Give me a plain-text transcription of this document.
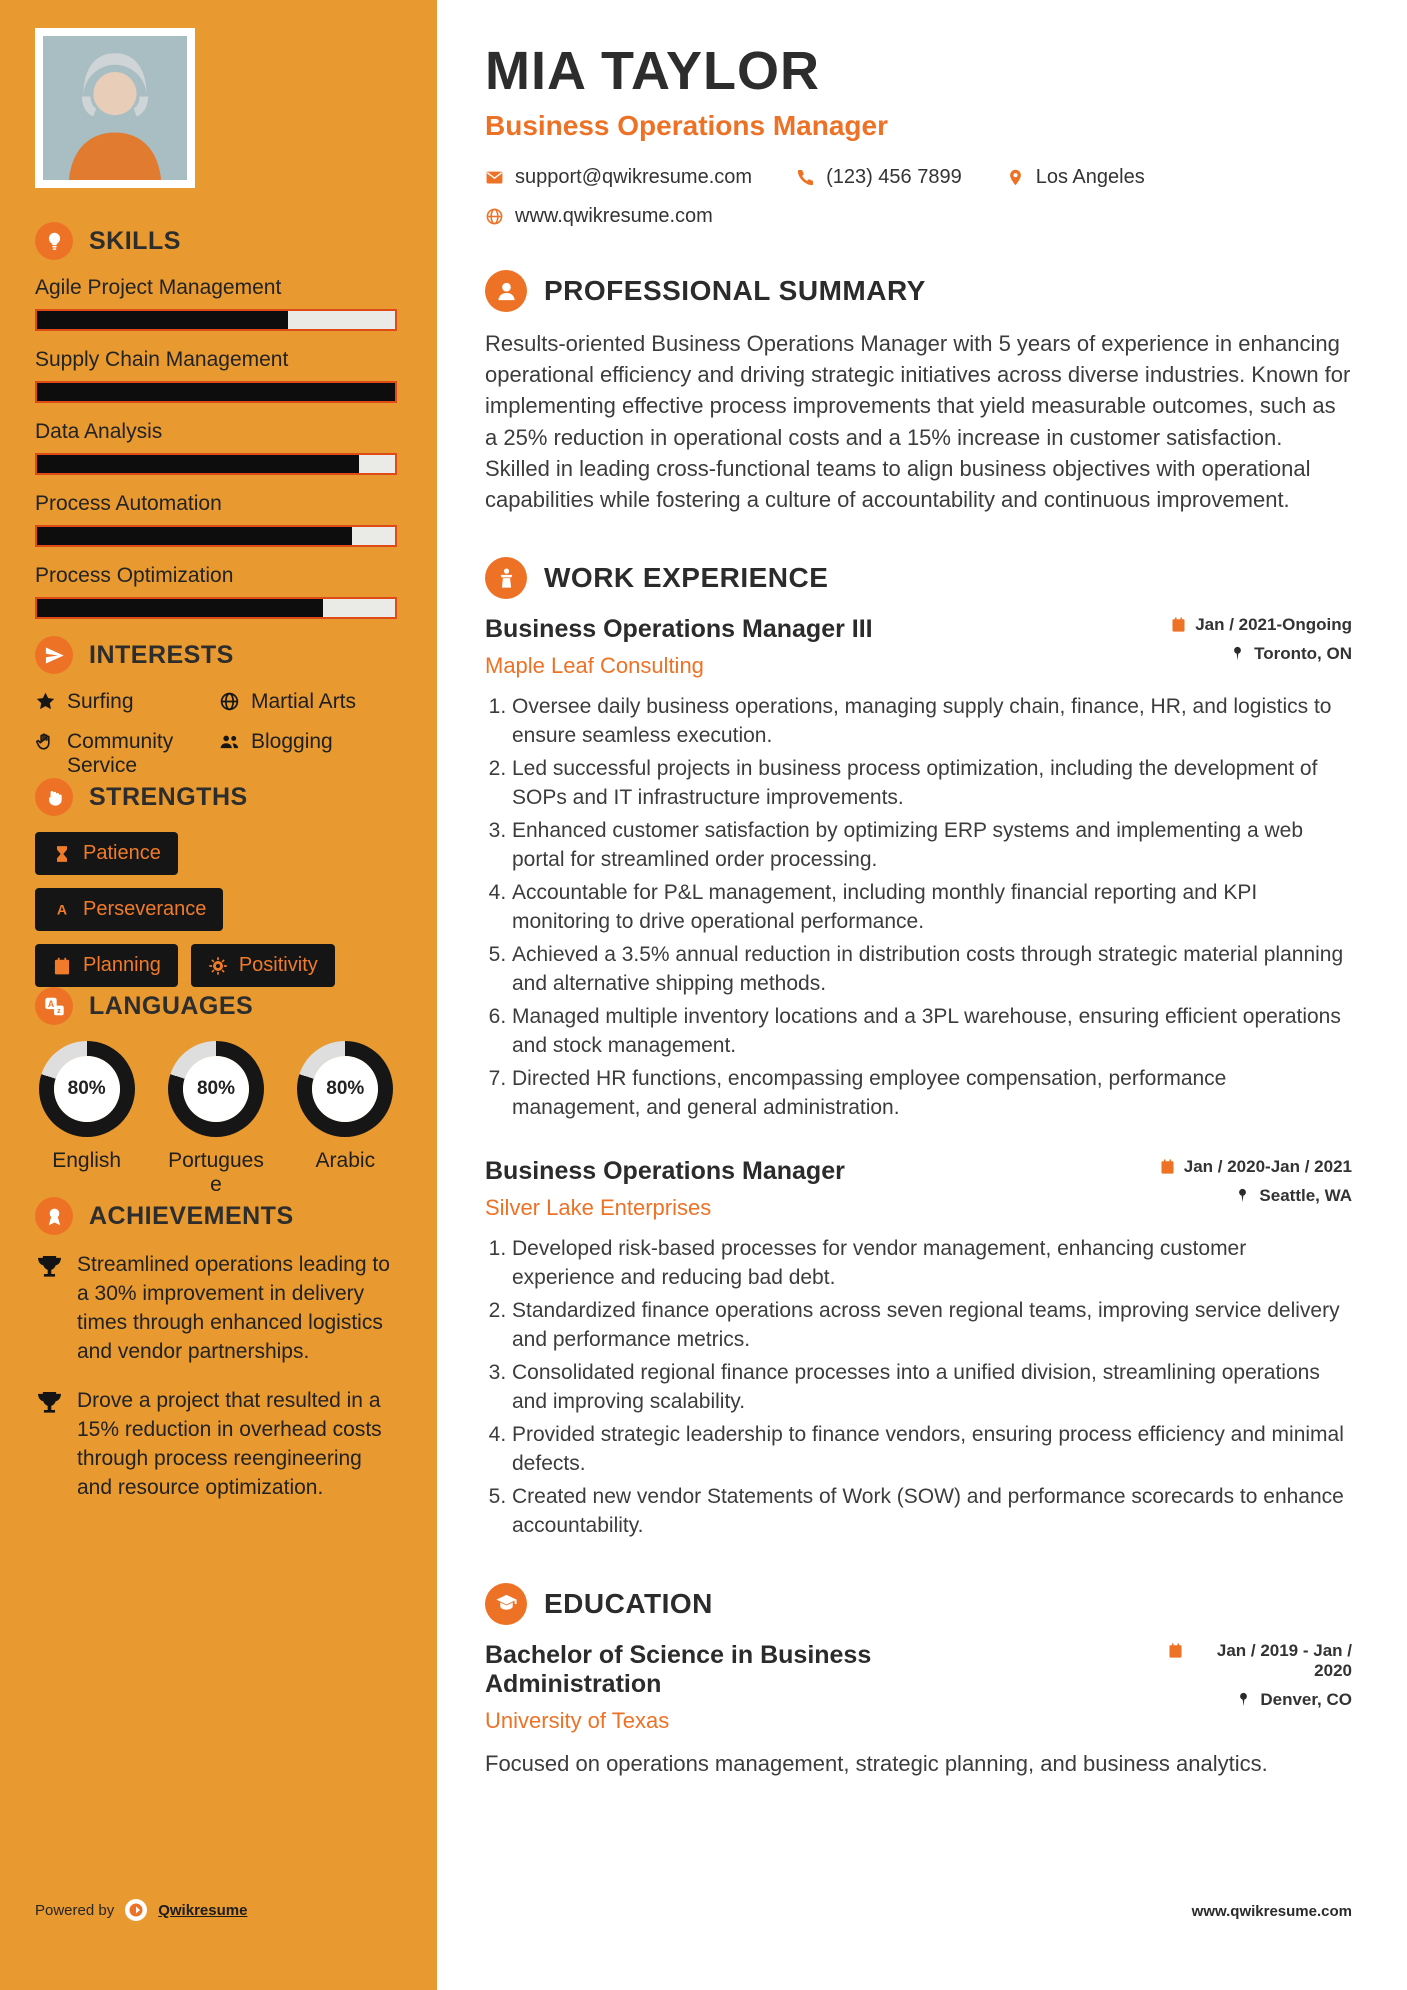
SKILLS
Agile Project Management
Supply Chain Management
Data Analysis
Process Automation
Process Optimization
INTERESTS
Surfing	Martial Arts
Community Service
Blogging
STRENGTHS
Patience
Perseverance
Planning	Positivity
LANGUAGES
80%
English
80%
Portuguese
80%
Arabic
ACHIEVEMENTS
Streamlined operations leading to a 30% improvement in delivery times through enhanced logistics and vendor partnerships.
Drove a project that resulted in a 15% reduction in overhead costs through process reengineering and resource optimization.
Powered by	Qwikresume
MIA TAYLOR
Business Operations Manager
support@qwikresume.com	(123) 456 7899	Los Angeles
www.qwikresume.com
PROFESSIONAL SUMMARY

Results-oriented Business Operations Manager with 5 years of experience in enhancing operational efficiency and driving strategic initiatives across diverse industries. Known for implementing effective process improvements that yield measurable outcomes, such as a 25% reduction in operational costs and a 15% increase in customer satisfaction. Skilled in leading cross-functional teams to align business objectives with operational capabilities while fostering a culture of accountability and continuous improvement.

WORK EXPERIENCE
Business Operations Manager III
Maple Leaf Consulting
Jan / 2021-Ongoing
Toronto, ON
1. Oversee daily business operations, managing supply chain, finance, HR, and logistics to ensure seamless execution.
2. Led successful projects in business process optimization, including the development of SOPs and IT infrastructure improvements.
3. Enhanced customer satisfaction by optimizing ERP systems and implementing a web portal for streamlined order processing.
4. Accountable for P&L management, including monthly financial reporting and KPI monitoring to drive operational performance.
5. Achieved a 3.5% annual reduction in distribution costs through strategic material planning and alternative shipping methods.
6. Managed multiple inventory locations and a 3PL warehouse, ensuring efficient operations and stock management.
7. Directed HR functions, encompassing employee compensation, performance management, and general administration.
Business Operations Manager
Silver Lake Enterprises
Jan / 2020-Jan / 2021
Seattle, WA
1. Developed risk-based processes for vendor management, enhancing customer experience and reducing bad debt.
2. Standardized finance operations across seven regional teams, improving service delivery and performance metrics.
3. Consolidated regional finance processes into a unified division, streamlining operations and improving scalability.
4. Provided strategic leadership to finance vendors, ensuring process efficiency and minimal defects.
5. Created new vendor Statements of Work (SOW) and performance scorecards to enhance accountability.
EDUCATION
Bachelor of Science in Business Administration
University of Texas
Jan / 2019 - Jan / 2020
Denver, CO

Focused on operations management, strategic planning, and business analytics.

www.qwikresume.com
